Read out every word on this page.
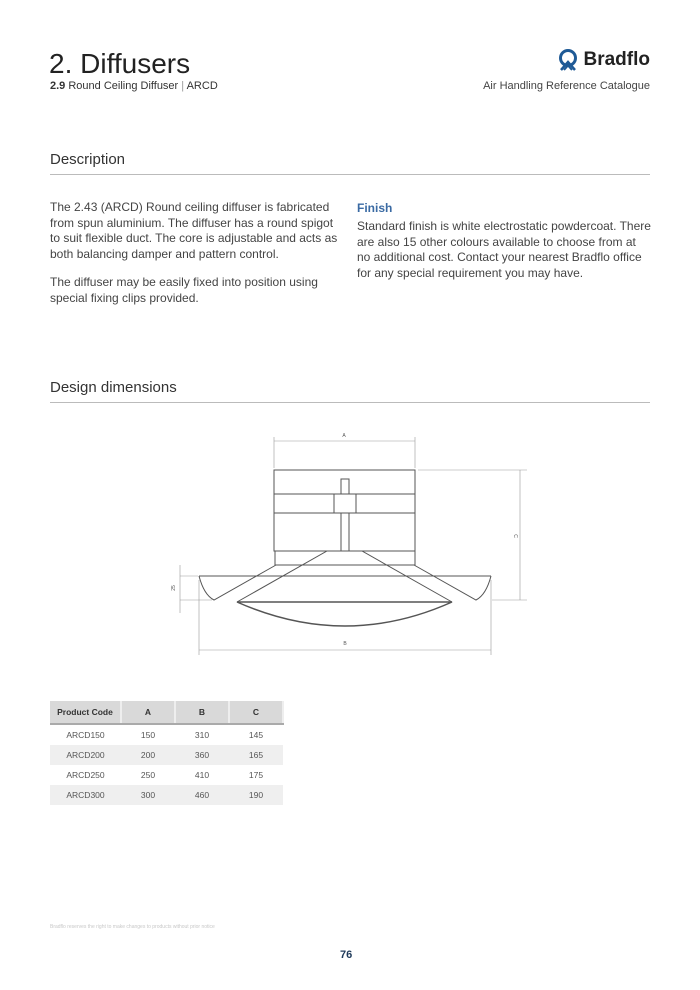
2. Diffusers
2.9 Round Ceiling Diffuser | ARCD
Bradflo
Air Handling Reference Catalogue
Description
The 2.43 (ARCD) Round ceiling diffuser is fabricated from spun aluminium. The diffuser has a round spigot to suit flexible duct. The core is adjustable and acts as both balancing damper and pattern control.
The diffuser may be easily fixed into position using special fixing clips provided.
Finish
Standard finish is white electrostatic powdercoat. There are also 15 other colours available to choose from at no additional cost. Contact your nearest Bradflo office for any special requirement you may have.
Design dimensions
A
C
B
25
Product Code	A	B	C
ARCD150	150	310	145
ARCD200	200	360	165
ARCD250	250	410	175
ARCD300	300	460	190
Bradflo reserves the right to make changes to products without prior notice
76
